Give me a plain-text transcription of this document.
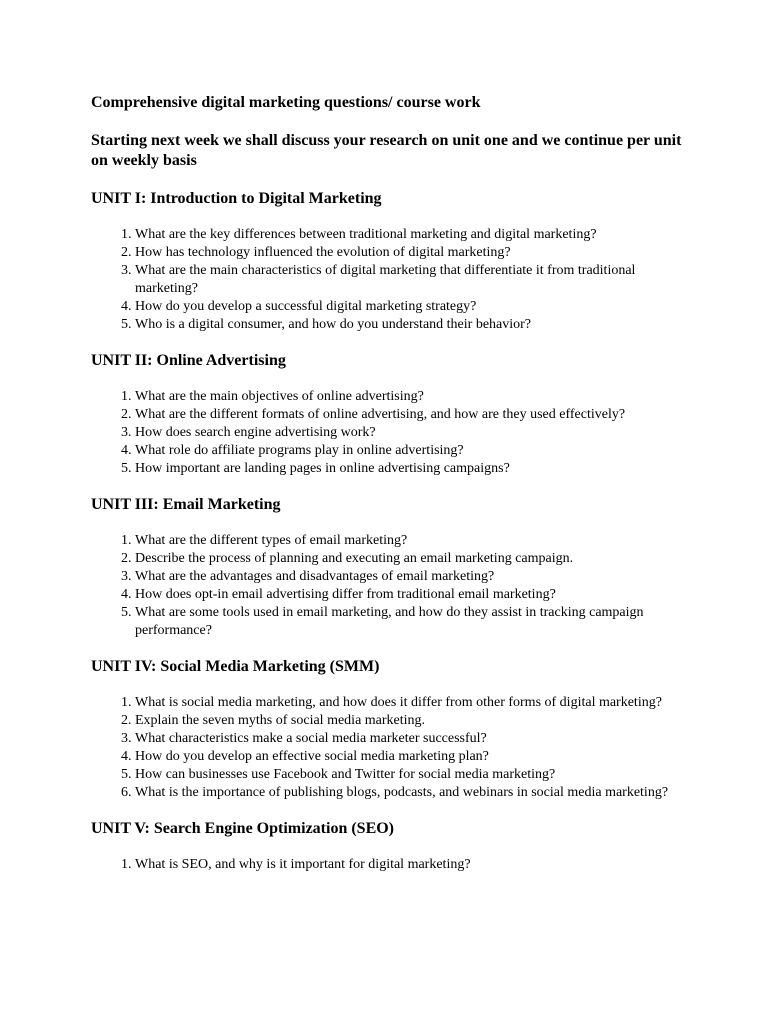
Comprehensive digital marketing questions/ course work

Starting next week we shall discuss your research on unit one and we continue per unit on weekly basis

UNIT I: Introduction to Digital Marketing

1. What are the key differences between traditional marketing and digital marketing?
2. How has technology influenced the evolution of digital marketing?
3. What are the main characteristics of digital marketing that differentiate it from traditional marketing?
4. How do you develop a successful digital marketing strategy?
5. Who is a digital consumer, and how do you understand their behavior?

UNIT II: Online Advertising

1. What are the main objectives of online advertising?
2. What are the different formats of online advertising, and how are they used effectively?
3. How does search engine advertising work?
4. What role do affiliate programs play in online advertising?
5. How important are landing pages in online advertising campaigns?

UNIT III: Email Marketing

1. What are the different types of email marketing?
2. Describe the process of planning and executing an email marketing campaign.
3. What are the advantages and disadvantages of email marketing?
4. How does opt-in email advertising differ from traditional email marketing?
5. What are some tools used in email marketing, and how do they assist in tracking campaign performance?

UNIT IV: Social Media Marketing (SMM)

1. What is social media marketing, and how does it differ from other forms of digital marketing?
2. Explain the seven myths of social media marketing.
3. What characteristics make a social media marketer successful?
4. How do you develop an effective social media marketing plan?
5. How can businesses use Facebook and Twitter for social media marketing?
6. What is the importance of publishing blogs, podcasts, and webinars in social media marketing?

UNIT V: Search Engine Optimization (SEO)

1. What is SEO, and why is it important for digital marketing?
